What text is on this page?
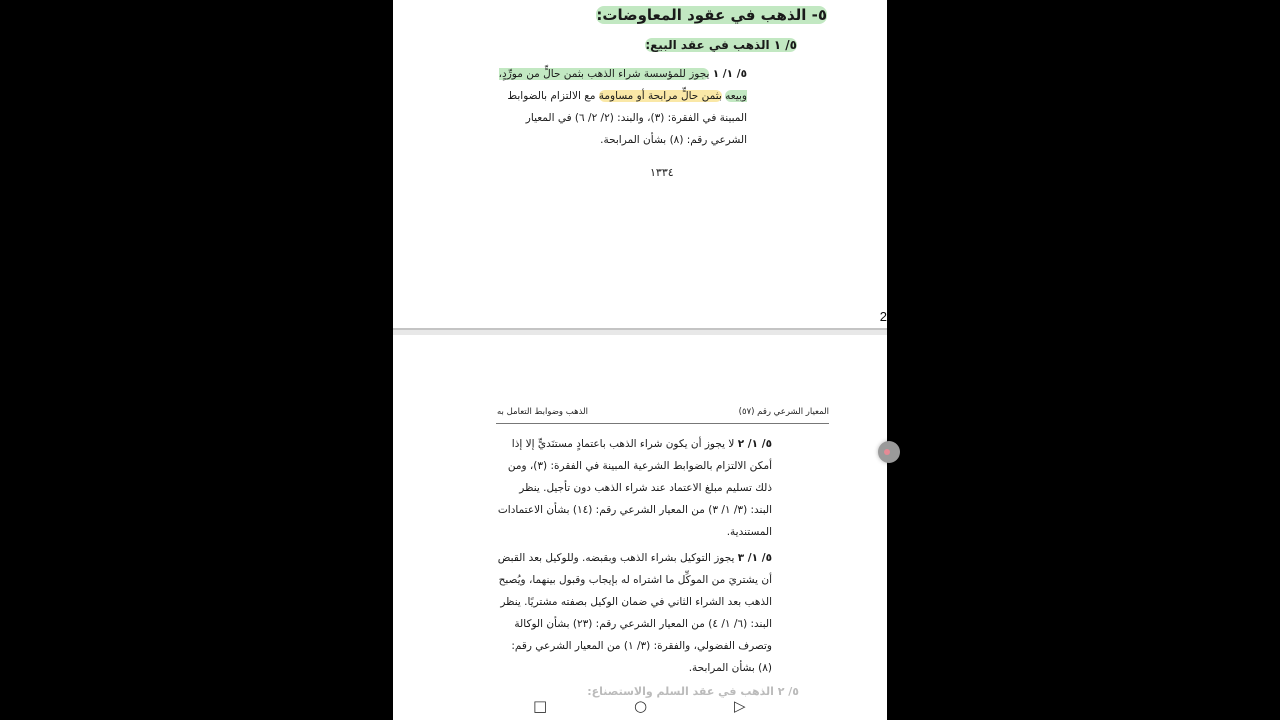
٥- الذهب في عقود المعاوضات:
٥/ ١ الذهب في عقد البيع:
٥/ ١/ ١ يجوز للمؤسسة شراء الذهب بثمن حالٍّ من مورِّدٍ، وبيعه بثمن حالٍّ مرابحة أو مساومة مع الالتزام بالضوابط المبينة في الفقرة: (٣)، والبند: (٢/ ٢/ ٦) في المعيار الشرعي رقم: (٨) بشأن المرابحة.
١٣٣٤
2
المعيار الشرعي رقم (٥٧)
الذهب وضوابط التعامل به
٥/ ١/ ٢ لا يجوز أن يكون شراء الذهب باعتمادٍ مستنَديٍّ إلا إذا أمكن الالتزام بالضوابط الشرعية المبينة في الفقرة: (٣)، ومن ذلك تسليم مبلغ الاعتماد عند شراء الذهب دون تأجيل. ينظر البند: (٣/ ١/ ٣) من المعيار الشرعي رقم: (١٤) بشأن الاعتمادات المستندية.
٥/ ١/ ٣ يجوز التوكيل بشراء الذهب وبقبضه. وللوكيل بعد القبض أن يشتريَ من الموكِّل ما اشتراه له بإيجاب وقبول بينهما، ويُصبح الذهب بعد الشراء الثاني في ضمان الوكيل بصفته مشتريًا. ينظر البند: (٦/ ١/ ٤) من المعيار الشرعي رقم: (٢٣) بشأن الوكالة وتصرف الفضولي، والفقرة: (٣/ ١) من المعيار الشرعي رقم: (٨) بشأن المرابحة.
٥/ ٢ الذهب في عقد السلم والاستصناع:
□	○	▷
